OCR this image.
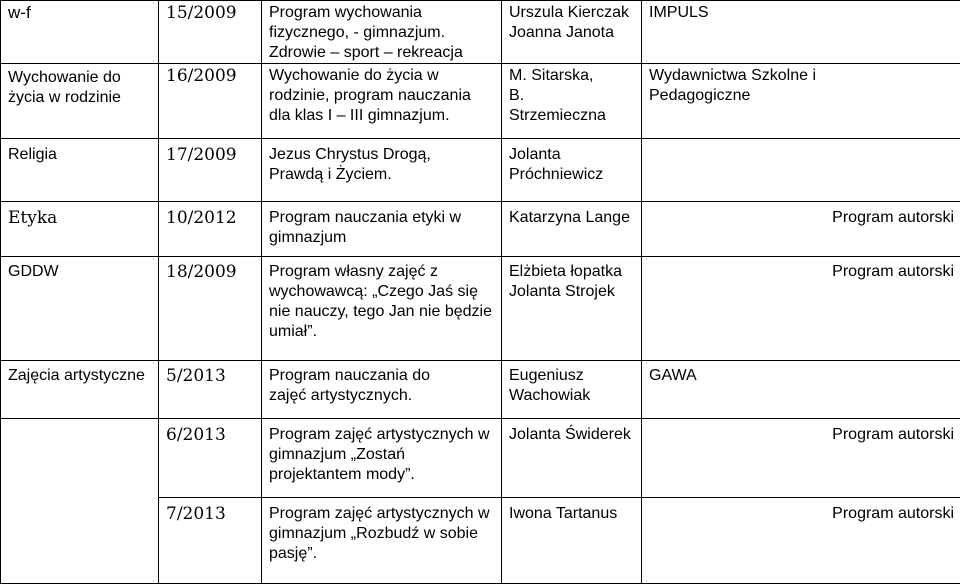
w-f	15/2009	Program wychowania fizycznego, - gimnazjum. Zdrowie – sport – rekreacja	Urszula Kierczak Joanna Janota	IMPULS
Wychowanie do życia w rodzinie	16/2009	Wychowanie do życia w rodzinie, program nauczania dla klas I – III gimnazjum.	M. Sitarska, B. Strzemieczna	Wydawnictwa Szkolne i Pedagogiczne

Religia	17/2009	Jezus Chrystus Drogą, Prawdą i Życiem.	Jolanta Próchniewicz	

Etyka	10/2012	Program nauczania etyki w gimnazjum	Katarzyna Lange	Program autorski
GDDW	18/2009	Program własny zajęć z wychowawcą: „Czego Jaś się nie nauczy, tego Jan nie będzie umiał”.	Elżbieta łopatka Jolanta Strojek	Program autorski
Zajęcia artystyczne	5/2013	Program nauczania do zajęć artystycznych.	Eugeniusz Wachowiak	GAWA
	6/2013	Program zajęć artystycznych w gimnazjum „Zostań projektantem mody”.	Jolanta Świderek	Program autorski
	7/2013	Program zajęć artystycznych w gimnazjum „Rozbudź w sobie pasję”.	Iwona Tartanus	Program autorski
